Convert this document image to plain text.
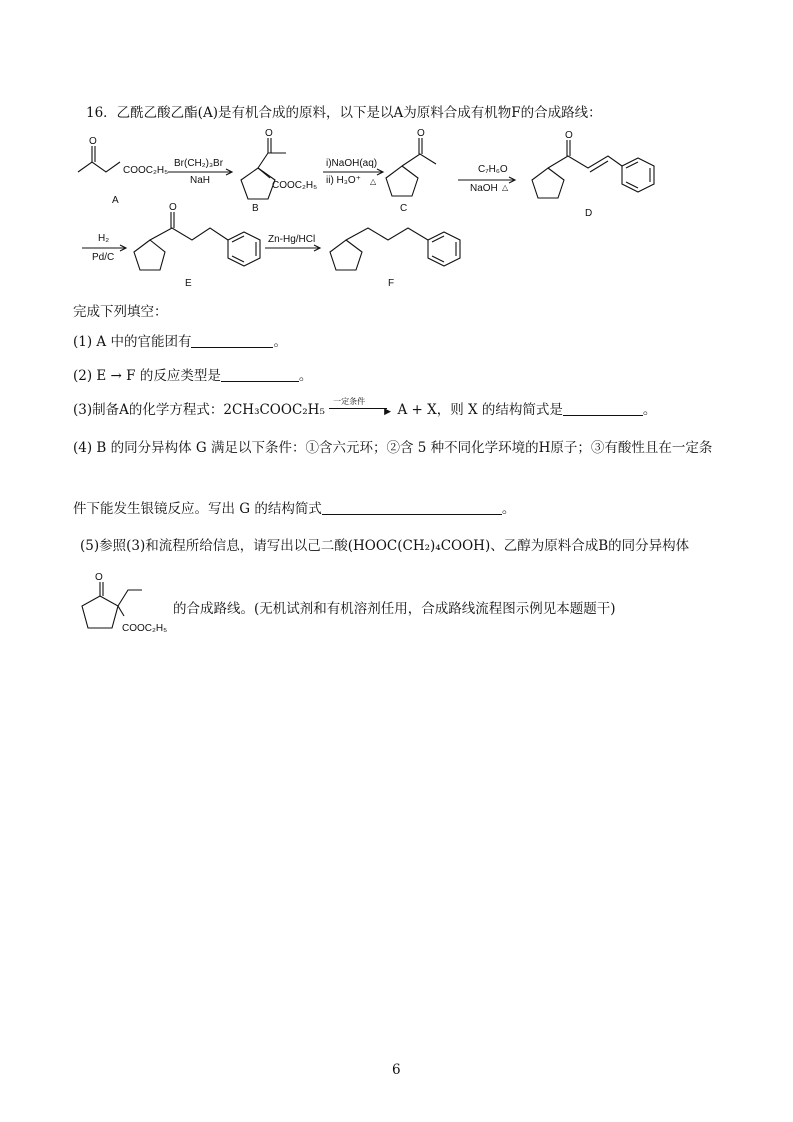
16．乙酰乙酸乙酯(A)是有机合成的原料，以下是以A为原料合成有机物F的合成路线：
O
O	O	O
O
COOC₂H₅
A
Br(CH₂)₃Br
NaH	COOC₂H₅
B
i)NaOH(aq)
ii) H₃O⁺ △
C
C₇H₆O
NaOH △
D
H₂
Pd/C
E
Zn-Hg/HCl
F
完成下列填空：
(1) A 中的官能团有	。
(2) E → F 的反应类型是	。
(3)制备A的化学方程式：2CH₃COOC₂H₅
一定条件
▶ A + X，则 X 的结构简式是	。
(4) B 的同分异构体 G 满足以下条件：①含六元环；②含 5 种不同化学环境的H原子；③有酸性且在一定条
件下能发生银镜反应。写出 G 的结构简式	。
(5)参照(3)和流程所给信息，请写出以己二酸(HOOC(CH₂)₄COOH)、乙醇为原料合成B的同分异构体
O
COOC₂H₅
的合成路线。(无机试剂和有机溶剂任用，合成路线流程图示例见本题题干)
6
